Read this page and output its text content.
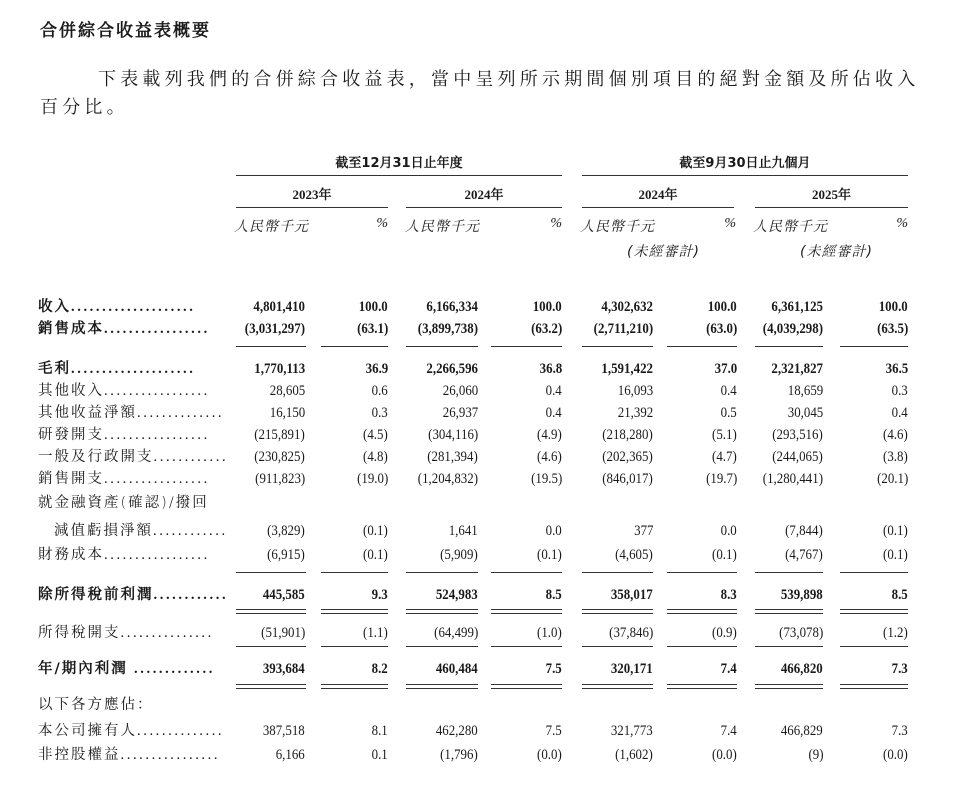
合併綜合收益表概要
下表載列我們的合併綜合收益表，當中呈列所示期間個別項目的絕對金額及所佔收入百分比。
截至12月31日止年度	截至9月30日止九個月
2023年	2024年	2024年	2025年
人民幣千元	% 人民幣千元	% 人民幣千元	% 人民幣千元	%
(未經審計)	(未經審計)
收入....................	4,801,410	100.0	6,166,334	100.0	4,302,632	100.0 6,361,125	100.0
銷售成本................. (3,031,297)	(63.1) (3,899,738)	(63.2) (2,711,210)	(63.0) (4,039,298)	(63.5)
毛利....................	1,770,113	36.9	2,266,596	36.8	1,591,422	37.0 2,321,827	36.5
其他收入.................	28,605	0.6	26,060	0.4	16,093	0.4	18,659	0.3
其他收益淨額..............	16,150	0.3	26,937	0.4	21,392	0.5	30,045	0.4
研發開支.................	(215,891)	(4.5)	(304,116)	(4.9)	(218,280)	(5.1) (293,516)	(4.6)
一般及行政開支............ (230,825)	(4.8)	(281,394)	(4.6)	(202,365)	(4.7) (244,065)	(3.8)
銷售開支.................	(911,823)	(19.0) (1,204,832)	(19.5)	(846,017)	(19.7) (1,280,441)	(20.1)
就金融資產(確認)/撥回
減值虧損淨額............	(3,829)	(0.1)	1,641	0.0	377	0.0	(7,844)	(0.1)
財務成本.................	(6,915)	(0.1)	(5,909)	(0.1)	(4,605)	(0.1)	(4,767)	(0.1)
除所得稅前利潤............ 445,585	9.3	524,983	8.5	358,017	8.3	539,898	8.5
所得稅開支...............	(51,901)	(1.1)	(64,499)	(1.0)	(37,846)	(0.9)	(73,078)	(1.2)
年/期內利潤 .............	393,684	8.2	460,484	7.5	320,171	7.4	466,820	7.3
以下各方應佔：
本公司擁有人..............	387,518	8.1	462,280	7.5	321,773	7.4	466,829	7.3
非控股權益................	6,166	0.1	(1,796)	(0.0)	(1,602)	(0.0)	(9)	(0.0)
